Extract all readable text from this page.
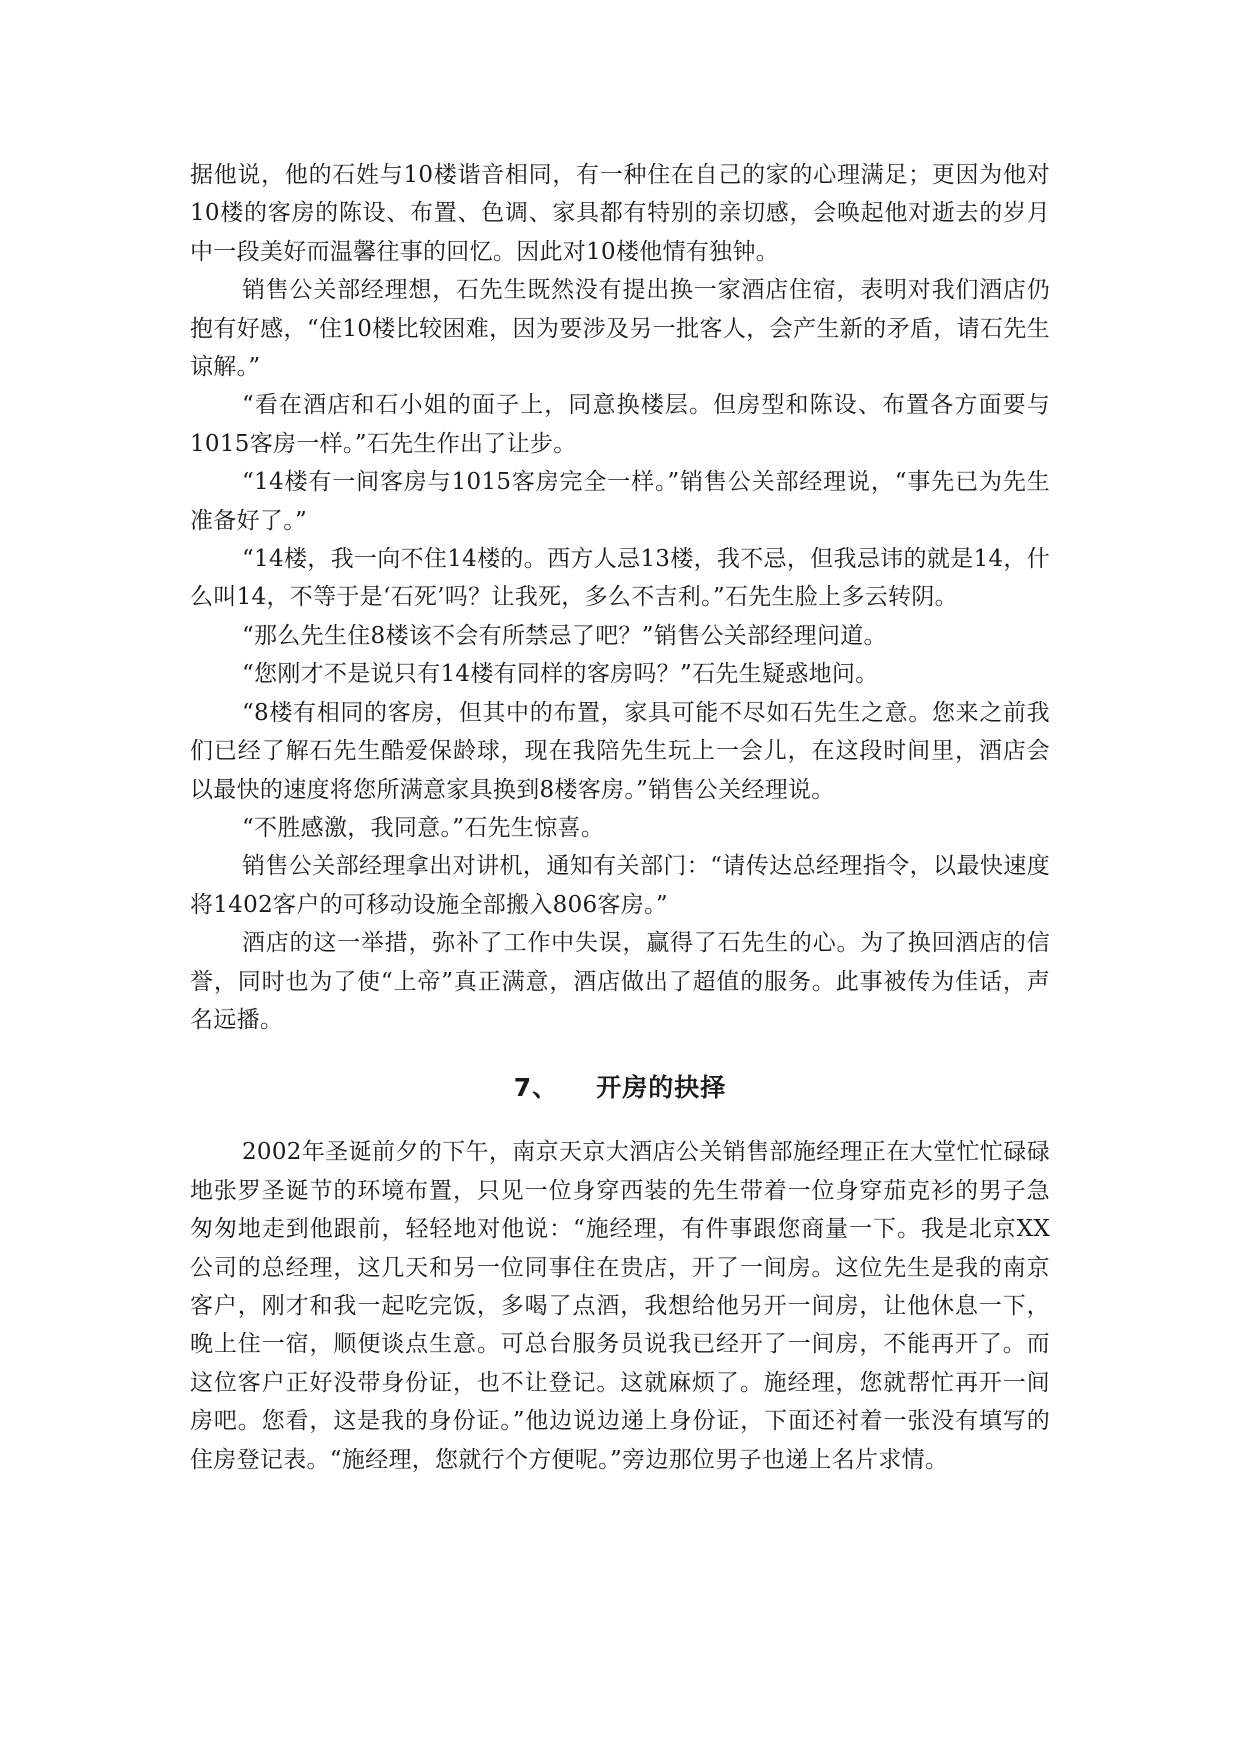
据他说，他的石姓与10楼谐音相同，有一种住在自己的家的心理满足；更因为他对10楼的客房的陈设、布置、色调、家具都有特别的亲切感，会唤起他对逝去的岁月中一段美好而温馨往事的回忆。因此对10楼他情有独钟。

销售公关部经理想，石先生既然没有提出换一家酒店住宿，表明对我们酒店仍抱有好感，“住10楼比较困难，因为要涉及另一批客人，会产生新的矛盾，请石先生谅解。”

“看在酒店和石小姐的面子上，同意换楼层。但房型和陈设、布置各方面要与1015客房一样。”石先生作出了让步。

“14楼有一间客房与1015客房完全一样。”销售公关部经理说，“事先已为先生准备好了。”

“14楼，我一向不住14楼的。西方人忌13楼，我不忌，但我忌讳的就是14，什么叫14，不等于是‘石死’吗？让我死，多么不吉利。”石先生脸上多云转阴。

“那么先生住8楼该不会有所禁忌了吧？”销售公关部经理问道。

“您刚才不是说只有14楼有同样的客房吗？”石先生疑惑地问。

“8楼有相同的客房，但其中的布置，家具可能不尽如石先生之意。您来之前我们已经了解石先生酷爱保龄球，现在我陪先生玩上一会儿，在这段时间里，酒店会以最快的速度将您所满意家具换到8楼客房。”销售公关经理说。

“不胜感激，我同意。”石先生惊喜。

销售公关部经理拿出对讲机，通知有关部门：“请传达总经理指令，以最快速度将1402客户的可移动设施全部搬入806客房。”

酒店的这一举措，弥补了工作中失误，赢得了石先生的心。为了换回酒店的信誉，同时也为了使“上帝”真正满意，酒店做出了超值的服务。此事被传为佳话，声名远播。

7、 开房的抉择

2002年圣诞前夕的下午，南京天京大酒店公关销售部施经理正在大堂忙忙碌碌地张罗圣诞节的环境布置，只见一位身穿西装的先生带着一位身穿茄克衫的男子急匆匆地走到他跟前，轻轻地对他说：“施经理，有件事跟您商量一下。我是北京XX公司的总经理，这几天和另一位同事住在贵店，开了一间房。这位先生是我的南京客户，刚才和我一起吃完饭，多喝了点酒，我想给他另开一间房，让他休息一下，晚上住一宿，顺便谈点生意。可总台服务员说我已经开了一间房，不能再开了。而这位客户正好没带身份证，也不让登记。这就麻烦了。施经理，您就帮忙再开一间房吧。您看，这是我的身份证。”他边说边递上身份证，下面还衬着一张没有填写的住房登记表。“施经理，您就行个方便呢。”旁边那位男子也递上名片求情。
